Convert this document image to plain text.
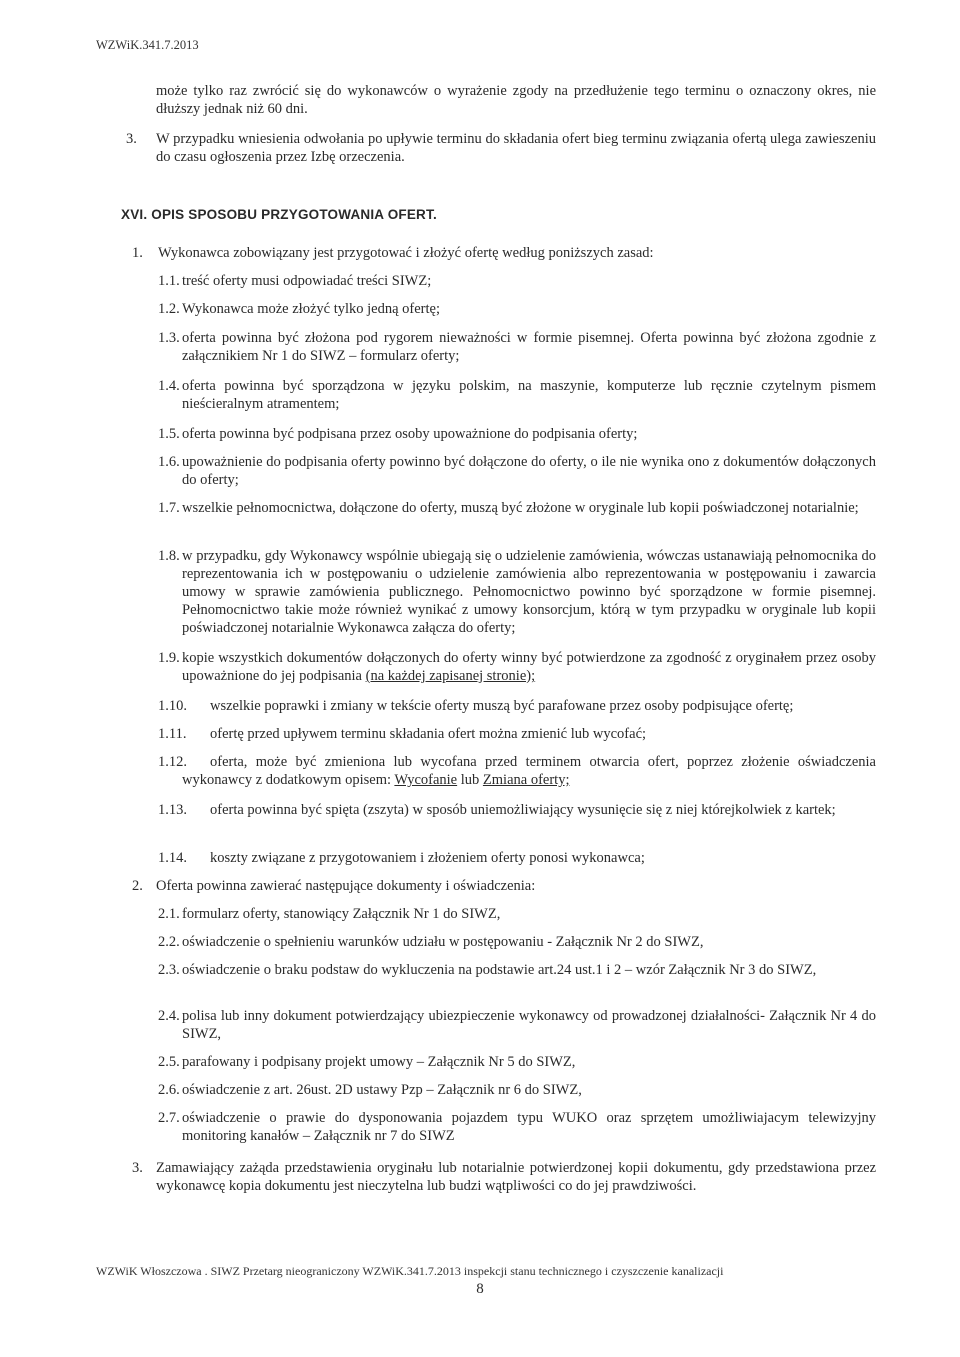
WZWiK.341.7.2013
może tylko raz zwrócić się do wykonawców o wyrażenie zgody na przedłużenie tego terminu o oznaczony okres, nie dłuższy jednak niż 60 dni.
3. W przypadku wniesienia odwołania po upływie terminu do składania ofert bieg terminu związania ofertą ulega zawieszeniu do czasu ogłoszenia przez Izbę orzeczenia.
XVI. OPIS SPOSOBU PRZYGOTOWANIA OFERT.
1. Wykonawca zobowiązany jest przygotować i złożyć ofertę według poniższych zasad:
1.1. treść oferty musi odpowiadać treści SIWZ;
1.2. Wykonawca może złożyć tylko jedną ofertę;
1.3. oferta powinna być złożona pod rygorem nieważności w formie pisemnej. Oferta powinna być złożona zgodnie z załącznikiem Nr 1 do SIWZ – formularz oferty;
1.4. oferta powinna być sporządzona w języku polskim, na maszynie, komputerze lub ręcznie czytelnym pismem nieścieralnym atramentem;
1.5. oferta powinna być podpisana przez osoby upoważnione do podpisania oferty;
1.6. upoważnienie do podpisania oferty powinno być dołączone do oferty, o ile nie wynika ono z dokumentów dołączonych do oferty;
1.7. wszelkie pełnomocnictwa, dołączone do oferty, muszą być złożone w oryginale lub kopii poświadczonej notarialnie;
1.8. w przypadku, gdy Wykonawcy wspólnie ubiegają się o udzielenie zamówienia, wówczas ustanawiają pełnomocnika do reprezentowania ich w postępowaniu o udzielenie zamówienia albo reprezentowania w postępowaniu i zawarcia umowy w sprawie zamówienia publicznego. Pełnomocnictwo powinno być sporządzone w formie pisemnej. Pełnomocnictwo takie może również wynikać z umowy konsorcjum, którą w tym przypadku w oryginale lub kopii poświadczonej notarialnie Wykonawca załącza do oferty;
1.9. kopie wszystkich dokumentów dołączonych do oferty winny być potwierdzone za zgodność z oryginałem przez osoby upoważnione do jej podpisania (na każdej zapisanej stronie);
1.10. wszelkie poprawki i zmiany w tekście oferty muszą być parafowane przez osoby podpisujące ofertę;
1.11. ofertę przed upływem terminu składania ofert można zmienić lub wycofać;
1.12.	oferta, może być zmieniona lub wycofana przed terminem otwarcia ofert, poprzez złożenie oświadczenia wykonawcy z dodatkowym opisem: Wycofanie lub Zmiana oferty;
1.13.	oferta powinna być spięta (zszyta) w sposób uniemożliwiający wysunięcie się z niej którejkolwiek z kartek;
1.14. koszty związane z przygotowaniem i złożeniem oferty ponosi wykonawca;
2. Oferta powinna zawierać następujące dokumenty i oświadczenia:
2.1. formularz oferty, stanowiący Załącznik Nr 1 do SIWZ,
2.2. oświadczenie o spełnieniu warunków udziału w postępowaniu - Załącznik Nr 2 do SIWZ,
2.3. oświadczenie o braku podstaw do wykluczenia na podstawie art.24 ust.1 i 2 – wzór Załącznik Nr 3 do SIWZ,
2.4. polisa lub inny dokument potwierdzający ubiezpieczenie wykonawcy od prowadzonej działalności- Załącznik Nr 4 do SIWZ,
2.5. parafowany i podpisany projekt umowy – Załącznik Nr 5 do SIWZ,
2.6. oświadczenie z art. 26ust. 2D ustawy Pzp – Załącznik nr 6 do SIWZ,
2.7. oświadczenie o prawie do dysponowania pojazdem typu WUKO oraz sprzętem umożliwiajacym telewizyjny monitoring kanałów – Załącznik nr 7 do SIWZ
3. Zamawiający zażąda przedstawienia oryginału lub notarialnie potwierdzonej kopii dokumentu, gdy przedstawiona przez wykonawcę kopia dokumentu jest nieczytelna lub budzi wątpliwości co do jej prawdziwości.
WZWiK Włoszczowa . SIWZ Przetarg nieograniczony WZWiK.341.7.2013 inspekcji stanu technicznego i czyszczenie kanalizacji
8
